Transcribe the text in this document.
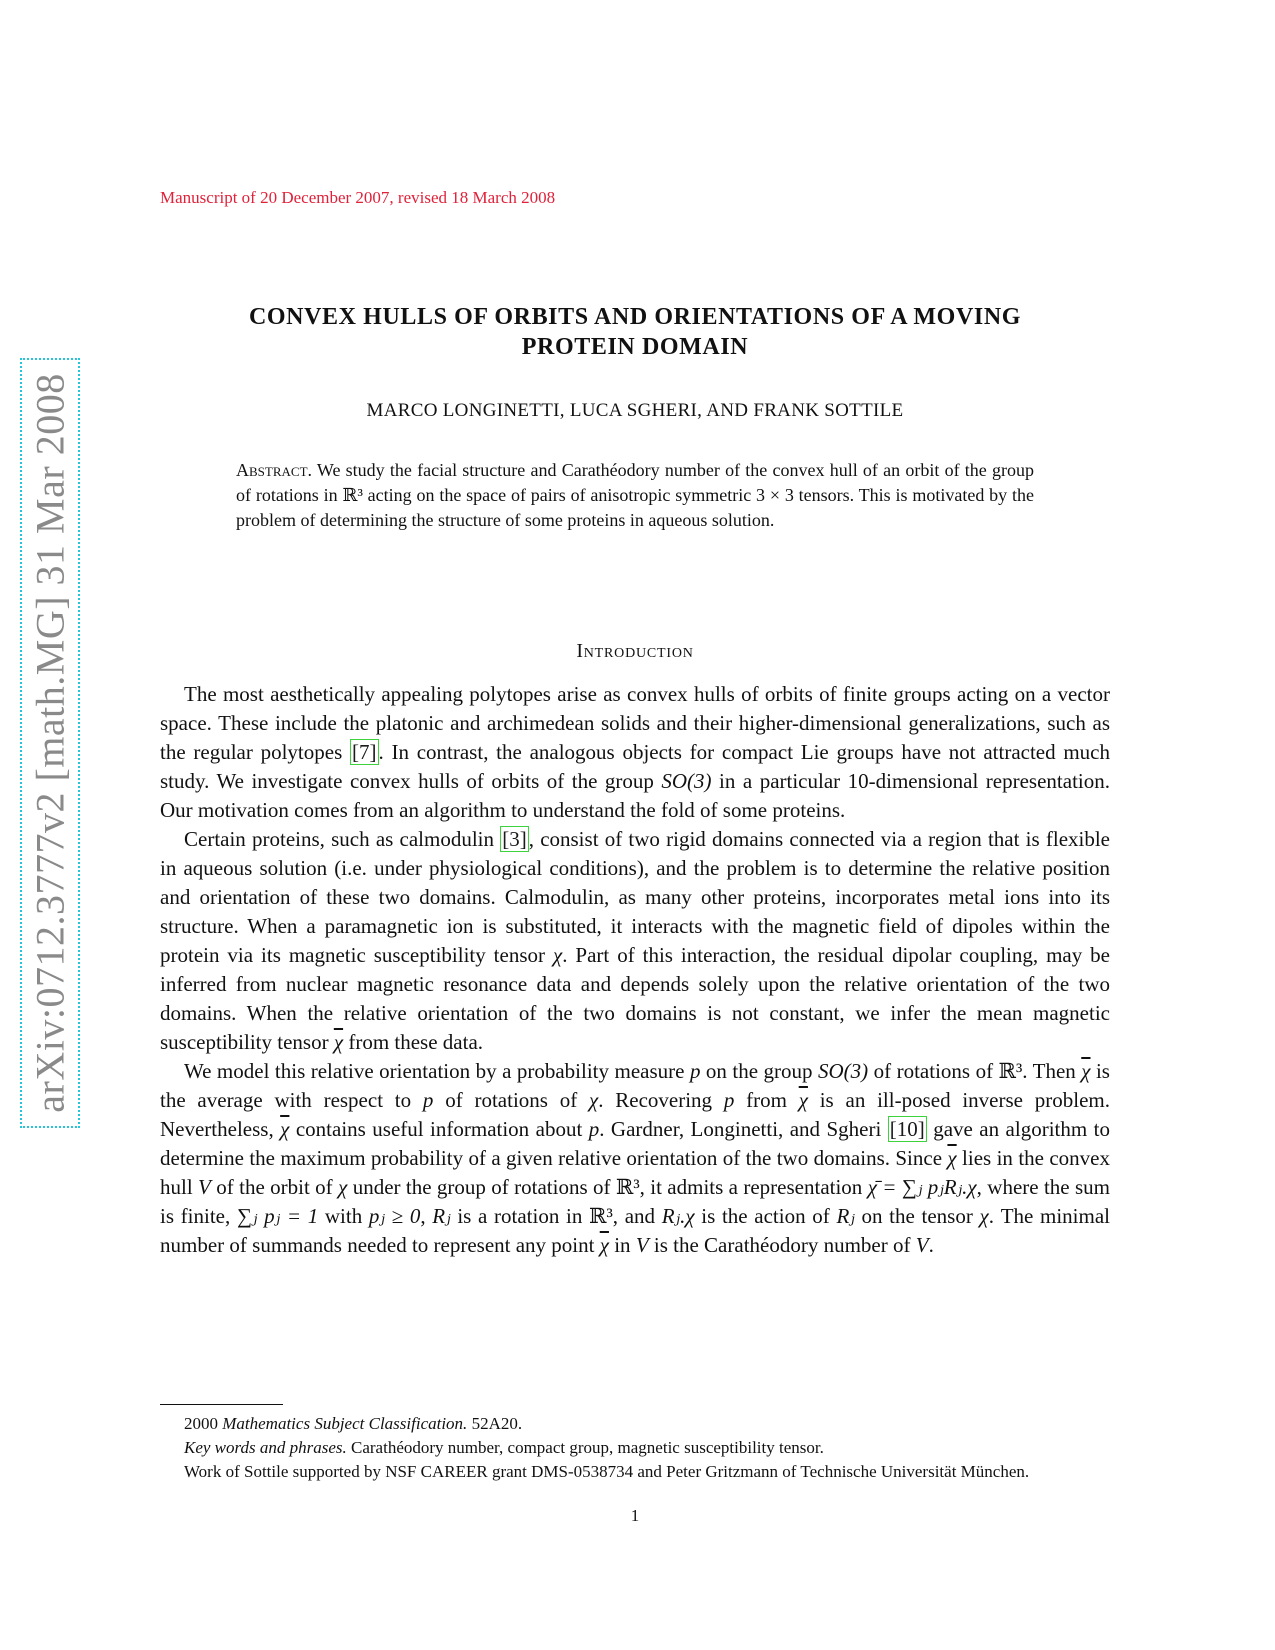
Manuscript of 20 December 2007, revised 18 March 2008
arXiv:0712.3777v2 [math.MG] 31 Mar 2008
CONVEX HULLS OF ORBITS AND ORIENTATIONS OF A MOVING
PROTEIN DOMAIN
MARCO LONGINETTI, LUCA SGHERI, AND FRANK SOTTILE
Abstract. We study the facial structure and Carathéodory number of the convex hull of an orbit of the group of rotations in ℝ³ acting on the space of pairs of anisotropic symmetric 3 × 3 tensors. This is motivated by the problem of determining the structure of some proteins in aqueous solution.
Introduction

The most aesthetically appealing polytopes arise as convex hulls of orbits of finite groups acting on a vector space. These include the platonic and archimedean solids and their higher-dimensional generalizations, such as the regular polytopes [7]. In contrast, the analogous objects for compact Lie groups have not attracted much study. We investigate convex hulls of orbits of the group SO(3) in a particular 10-dimensional representation. Our motivation comes from an algorithm to understand the fold of some proteins.

Certain proteins, such as calmodulin [3], consist of two rigid domains connected via a region that is flexible in aqueous solution (i.e. under physiological conditions), and the problem is to determine the relative position and orientation of these two domains. Calmodulin, as many other proteins, incorporates metal ions into its structure. When a paramagnetic ion is substituted, it interacts with the magnetic field of dipoles within the protein via its magnetic susceptibility tensor χ. Part of this interaction, the residual dipolar coupling, may be inferred from nuclear magnetic resonance data and depends solely upon the relative orientation of the two domains. When the relative orientation of the two domains is not constant, we infer the mean magnetic susceptibility tensor $\overline{\chi}$ from these data.

We model this relative orientation by a probability measure p on the group SO(3) of rotations of ℝ³. Then $\overline{\chi}$ is the average with respect to p of rotations of χ. Recovering p from $\overline{\chi}$ is an ill-posed inverse problem. Nevertheless, $\overline{\chi}$ contains useful information about p. Gardner, Longinetti, and Sgheri [10] gave an algorithm to determine the maximum probability of a given relative orientation of the two domains. Since $\overline{\chi}$ lies in the convex hull V of the orbit of χ under the group of rotations of ℝ³, it admits a representation χ̄ = ∑ⱼ pⱼRⱼ.χ, where the sum is finite, ∑ⱼ pⱼ = 1 with pⱼ ≥ 0, Rⱼ is a rotation in ℝ³, and Rⱼ.χ is the action of Rⱼ on the tensor χ. The minimal number of summands needed to represent any point $\overline{\chi}$ in V is the Carathéodory number of V.

2000 Mathematics Subject Classification. 52A20.

Key words and phrases. Carathéodory number, compact group, magnetic susceptibility tensor.

Work of Sottile supported by NSF CAREER grant DMS-0538734 and Peter Gritzmann of Technische Universität München.

1
